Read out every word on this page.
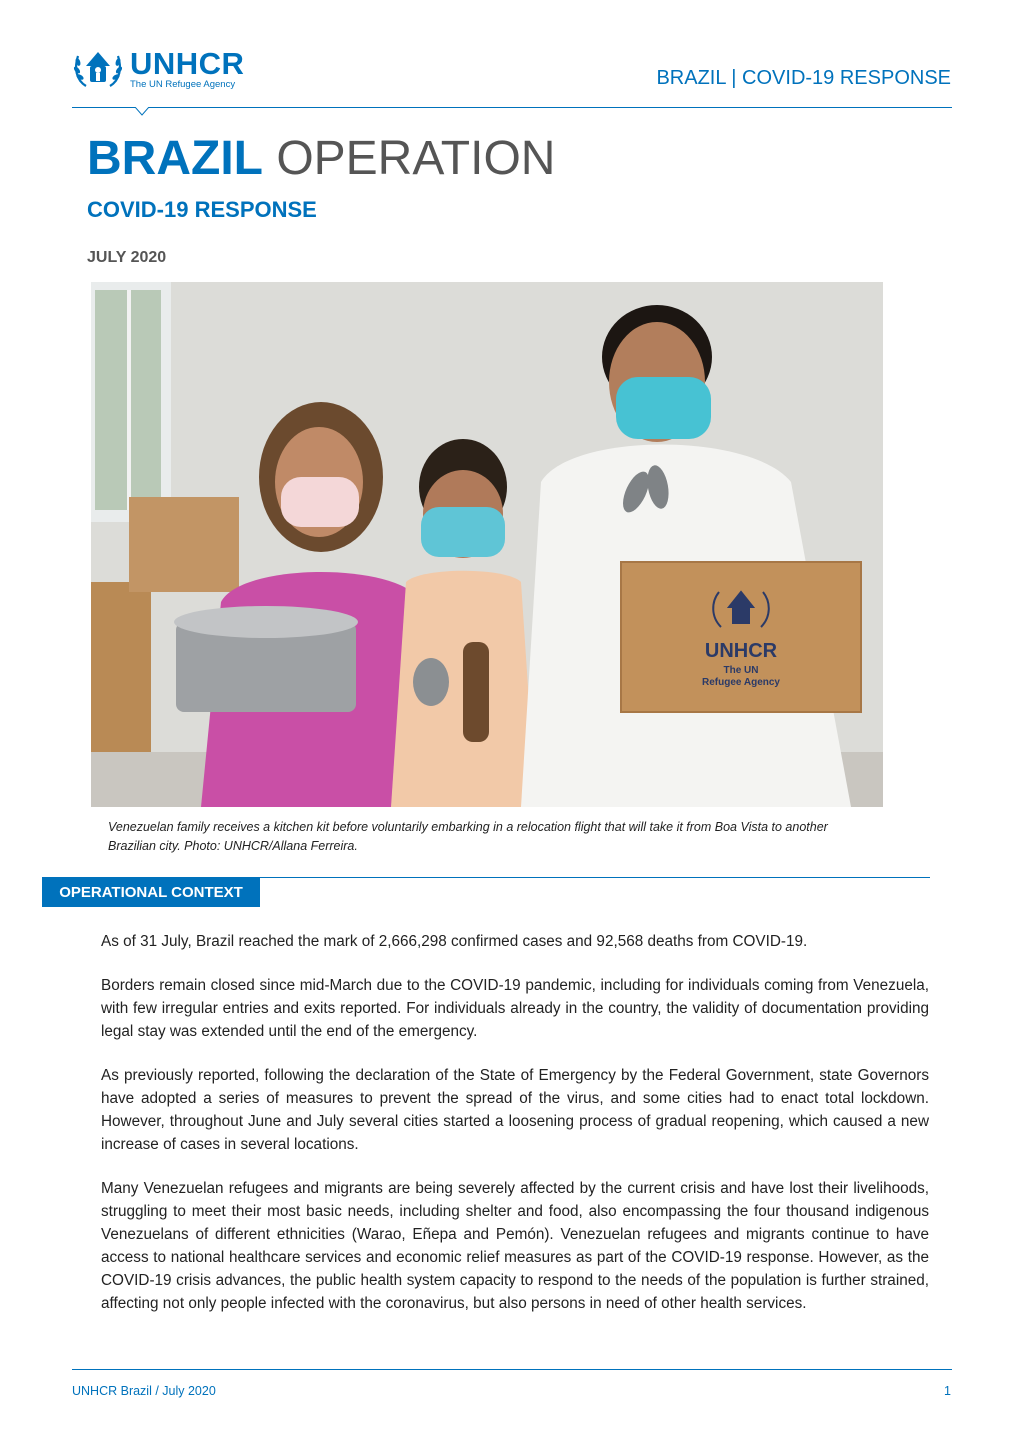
UNHCR
The UN Refugee Agency	BRAZIL | COVID-19 RESPONSE
BRAZIL OPERATION
COVID-19 RESPONSE
JULY 2020
UNHCR
The UN
Refugee Agency
Venezuelan family receives a kitchen kit before voluntarily embarking in a relocation flight that will take it from Boa Vista to another Brazilian city. Photo: UNHCR/Allana Ferreira.
OPERATIONAL CONTEXT

As of 31 July, Brazil reached the mark of 2,666,298 confirmed cases and 92,568 deaths from COVID-19.

Borders remain closed since mid-March due to the COVID-19 pandemic, including for individuals coming from Venezuela, with few irregular entries and exits reported. For individuals already in the country, the validity of documentation providing legal stay was extended until the end of the emergency.

As previously reported, following the declaration of the State of Emergency by the Federal Government, state Governors have adopted a series of measures to prevent the spread of the virus, and some cities had to enact total lockdown. However, throughout June and July several cities started a loosening process of gradual reopening, which caused a new increase of cases in several locations.

Many Venezuelan refugees and migrants are being severely affected by the current crisis and have lost their livelihoods, struggling to meet their most basic needs, including shelter and food, also encompassing the four thousand indigenous Venezuelans of different ethnicities (Warao, Eñepa and Pemón). Venezuelan refugees and migrants continue to have access to national healthcare services and economic relief measures as part of the COVID-19 response. However, as the COVID-19 crisis advances, the public health system capacity to respond to the needs of the population is further strained, affecting not only people infected with the coronavirus, but also persons in need of other health services.

UNHCR Brazil / July 2020	1
